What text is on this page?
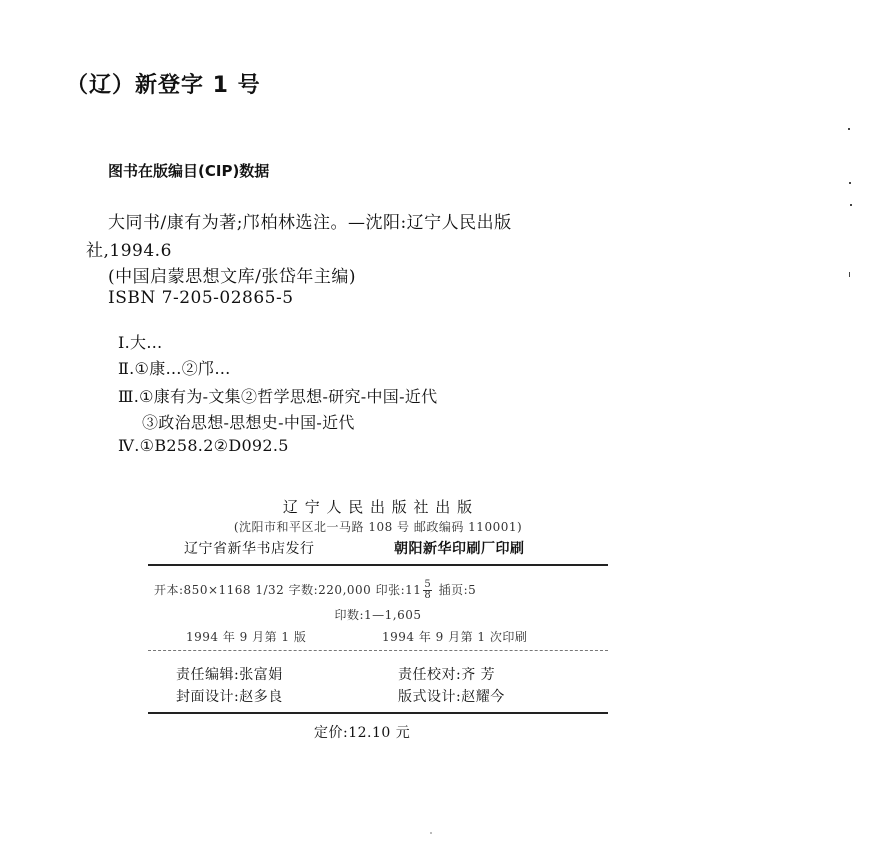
（辽）新登字 1 号
图书在版编目(CIP)数据
大同书/康有为著;邝柏林选注。—沈阳:辽宁人民出版
社,1994.6
(中国启蒙思想文库/张岱年主编)
ISBN 7-205-02865-5
Ⅰ.大…
Ⅱ.①康…②邝…
Ⅲ.①康有为-文集②哲学思想-研究-中国-近代
③政治思想-思想史-中国-近代
Ⅳ.①B258.2②D092.5
辽 宁 人 民 出 版 社 出 版
(沈阳市和平区北一马路 108 号 邮政编码 110001)
辽宁省新华书店发行	朝阳新华印刷厂印刷
开本:850×1168 1/32 字数:220,000 印张:11 $\frac{5}{8}$ 插页:5
印数:1—1,605
1994 年 9 月第 1 版	1994 年 9 月第 1 次印刷
责任编辑:张富娟	责任校对:齐 芳
封面设计:赵多良	版式设计:赵耀今
定价:12.10 元
